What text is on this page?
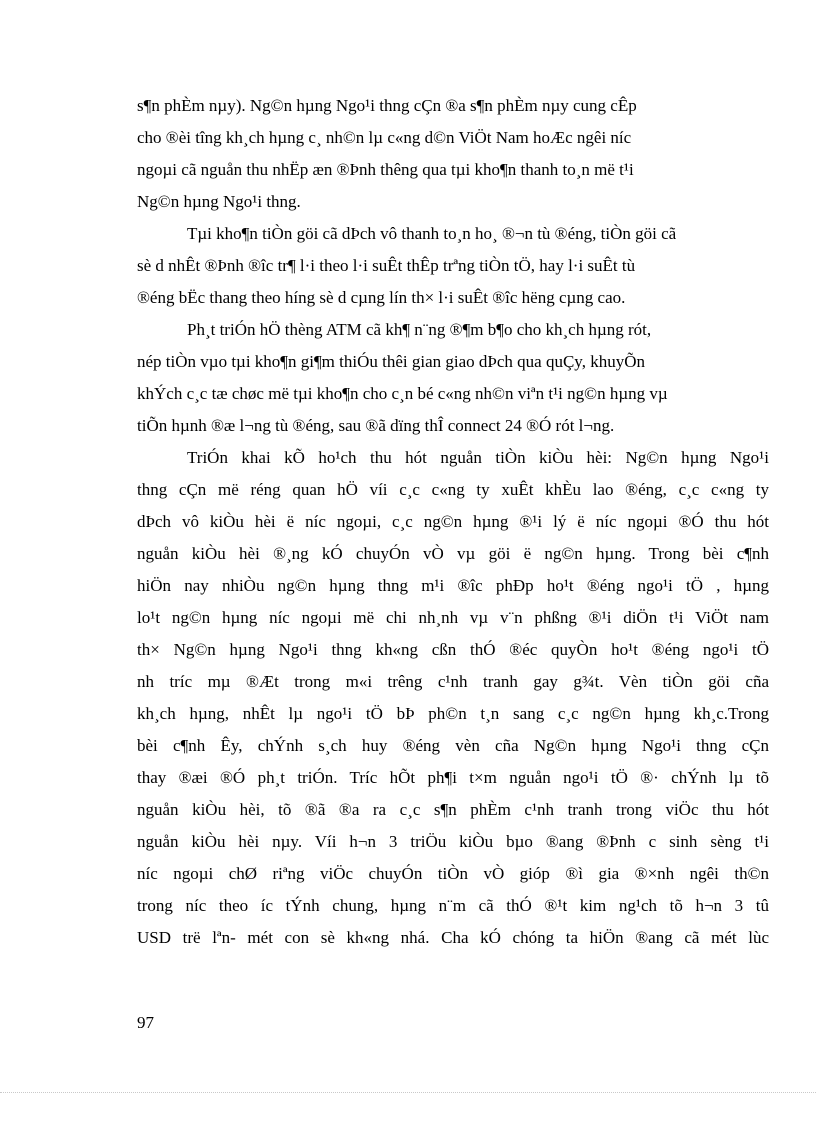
s¶n phÈm nµy). Ng©n hµng Ngo¹i thng cÇn ®a s¶n phÈm nµy cung cÊp
cho ®èi tîng kh¸ch hµng c¸ nh©n lµ c«ng d©n ViÖt Nam hoÆc ngêi níc
ngoµi cã nguån thu nhËp æn ®Þnh thêng qua tµi kho¶n thanh to¸n më t¹i
Ng©n hµng Ngo¹i thng.

Tµi kho¶n tiÒn göi cã dÞch vô thanh to¸n ho¸ ®¬n tù ®éng, tiÒn göi cã
sè d nhÊt ®Þnh ®îc tr¶ l·i theo l·i suÊt thÊp trªng tiÒn tÖ, hay l·i suÊt tù
®éng bËc thang theo híng sè d cµng lín th× l·i suÊt ®îc hëng cµng cao.

Ph¸t triÓn hÖ thèng ATM cã kh¶ n¨ng ®¶m b¶o cho kh¸ch hµng rót,
nép tiÒn vµo tµi kho¶n gi¶m thiÓu thêi gian giao dÞch qua quÇy, khuyÕn
khÝch c¸c tæ chøc më tµi kho¶n cho c¸n bé c«ng nh©n viªn t¹i ng©n hµng vµ
tiÕn hµnh ®æ l¬ng tù ®éng, sau ®ã dïng thÎ connect 24 ®Ó rót l¬ng.

TriÓn khai kÕ ho¹ch thu hót nguån tiÒn kiÒu hèi: Ng©n hµng Ngo¹i
thng cÇn më réng quan hÖ víi c¸c c«ng ty xuÊt khÈu lao ®éng, c¸c c«ng ty
dÞch vô kiÒu hèi ë níc ngoµi, c¸c ng©n hµng ®¹i lý ë níc ngoµi ®Ó thu hót
nguån kiÒu hèi ®¸ng kÓ chuyÓn vÒ vµ göi ë ng©n hµng. Trong bèi c¶nh
hiÖn nay nhiÒu ng©n hµng thng m¹i ®îc phÐp ho¹t ®éng ngo¹i tÖ , hµng
lo¹t ng©n hµng níc ngoµi më chi nh¸nh vµ v¨n phßng ®¹i diÖn t¹i ViÖt nam
th× Ng©n hµng Ngo¹i thng kh«ng cßn thÓ ®éc quyÒn ho¹t ®éng ngo¹i tÖ
nh tríc mµ ®Æt trong m«i trêng c¹nh tranh gay g¾t. Vèn tiÒn göi cña
kh¸ch hµng, nhÊt lµ ngo¹i tÖ bÞ ph©n t¸n sang c¸c ng©n hµng kh¸c.Trong
bèi c¶nh Êy, chÝnh s¸ch huy ®éng vèn cña Ng©n hµng Ngo¹i thng cÇn
thay ®æi ®Ó ph¸t triÓn. Tríc hÕt ph¶i t×m nguån ngo¹i tÖ ®· chÝnh lµ tõ
nguån kiÒu hèi, tõ ®ã ®a ra c¸c s¶n phÈm c¹nh tranh trong viÖc thu hót
nguån kiÒu hèi nµy. Víi h¬n 3 triÖu kiÒu bµo ®ang ®Þnh c sinh sèng t¹i
níc ngoµi chØ riªng viÖc chuyÓn tiÒn vÒ gióp ®ì gia ®×nh ngêi th©n
trong níc theo íc tÝnh chung, hµng n¨m cã thÓ ®¹t kim ng¹ch tõ h¬n 3 tû
USD trë lªn- mét con sè kh«ng nhá. Cha kÓ chóng ta hiÖn ®ang cã mét lùc

97
